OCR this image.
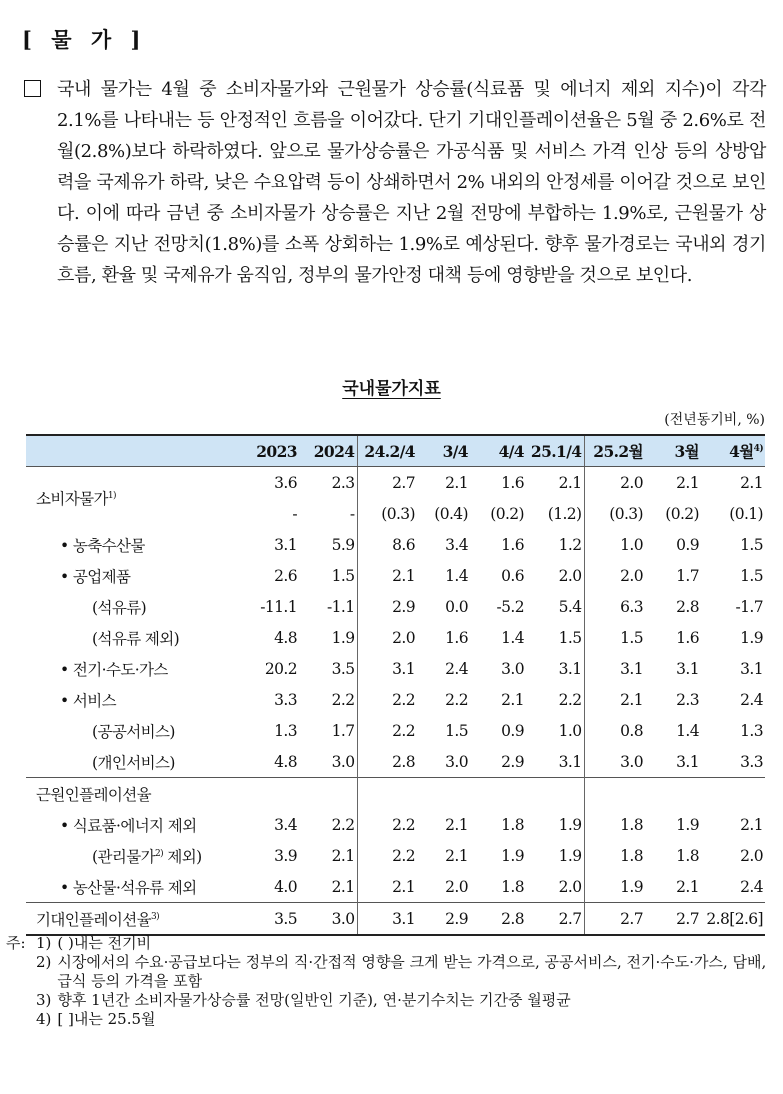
[ 물 가 ]
국내 물가는 4월 중 소비자물가와 근원물가 상승률(식료품 및 에너지 제외 지수)이 각각 2.1%를 나타내는 등 안정적인 흐름을 이어갔다. 단기 기대인플레이션율은 5월 중 2.6%로 전월(2.8%)보다 하락하였다. 앞으로 물가상승률은 가공식품 및 서비스 가격 인상 등의 상방압력을 국제유가 하락, 낮은 수요압력 등이 상쇄하면서 2% 내외의 안정세를 이어갈 것으로 보인다. 이에 따라 금년 중 소비자물가 상승률은 지난 2월 전망에 부합하는 1.9%로, 근원물가 상승률은 지난 전망치(1.8%)를 소폭 상회하는 1.9%로 예상된다. 향후 물가경로는 국내외 경기 흐름, 환율 및 국제유가 움직임, 정부의 물가안정 대책 등에 영향받을 것으로 보인다.
국내물가지표
(전년동기비, %)
	2023	2024	24.2/4	3/4	4/4	25.1/4	25.2월	3월	4월$^{4)}$
소비자물가$^{1)}$	3.6	2.3	2.7	2.1	1.6	2.1	2.0	2.1	2.1
	-	-	(0.3)	(0.4)	(0.2)	(1.2)	(0.3)	(0.2)	(0.1)
• 농축수산물	3.1	5.9	8.6	3.4	1.6	1.2	1.0	0.9	1.5
• 공업제품	2.6	1.5	2.1	1.4	0.6	2.0	2.0	1.7	1.5
(석유류)	-11.1	-1.1	2.9	0.0	-5.2	5.4	6.3	2.8	-1.7
(석유류 제외)	4.8	1.9	2.0	1.6	1.4	1.5	1.5	1.6	1.9
• 전기·수도·가스	20.2	3.5	3.1	2.4	3.0	3.1	3.1	3.1	3.1
• 서비스	3.3	2.2	2.2	2.2	2.1	2.2	2.1	2.3	2.4
(공공서비스)	1.3	1.7	2.2	1.5	0.9	1.0	0.8	1.4	1.3
(개인서비스)	4.8	3.0	2.8	3.0	2.9	3.1	3.0	3.1	3.3
근원인플레이션율									
• 식료품·에너지 제외	3.4	2.2	2.2	2.1	1.8	1.9	1.8	1.9	2.1
(관리물가$^{2)}$ 제외)	3.9	2.1	2.2	2.1	1.9	1.9	1.8	1.8	2.0
• 농산물·석유류 제외	4.0	2.1	2.1	2.0	1.8	2.0	1.9	2.1	2.4
기대인플레이션율$^{3)}$	3.5	3.0	3.1	2.9	2.8	2.7	2.7	2.7	2.8[2.6]
주: 1) ( )내는 전기비
2) 시장에서의 수요·공급보다는 정부의 직·간접적 영향을 크게 받는 가격으로, 공공서비스, 전기·수도·가스, 담배, 급식 등의 가격을 포함
3) 향후 1년간 소비자물가상승률 전망(일반인 기준), 연·분기수치는 기간중 월평균
4) [ ]내는 25.5월
